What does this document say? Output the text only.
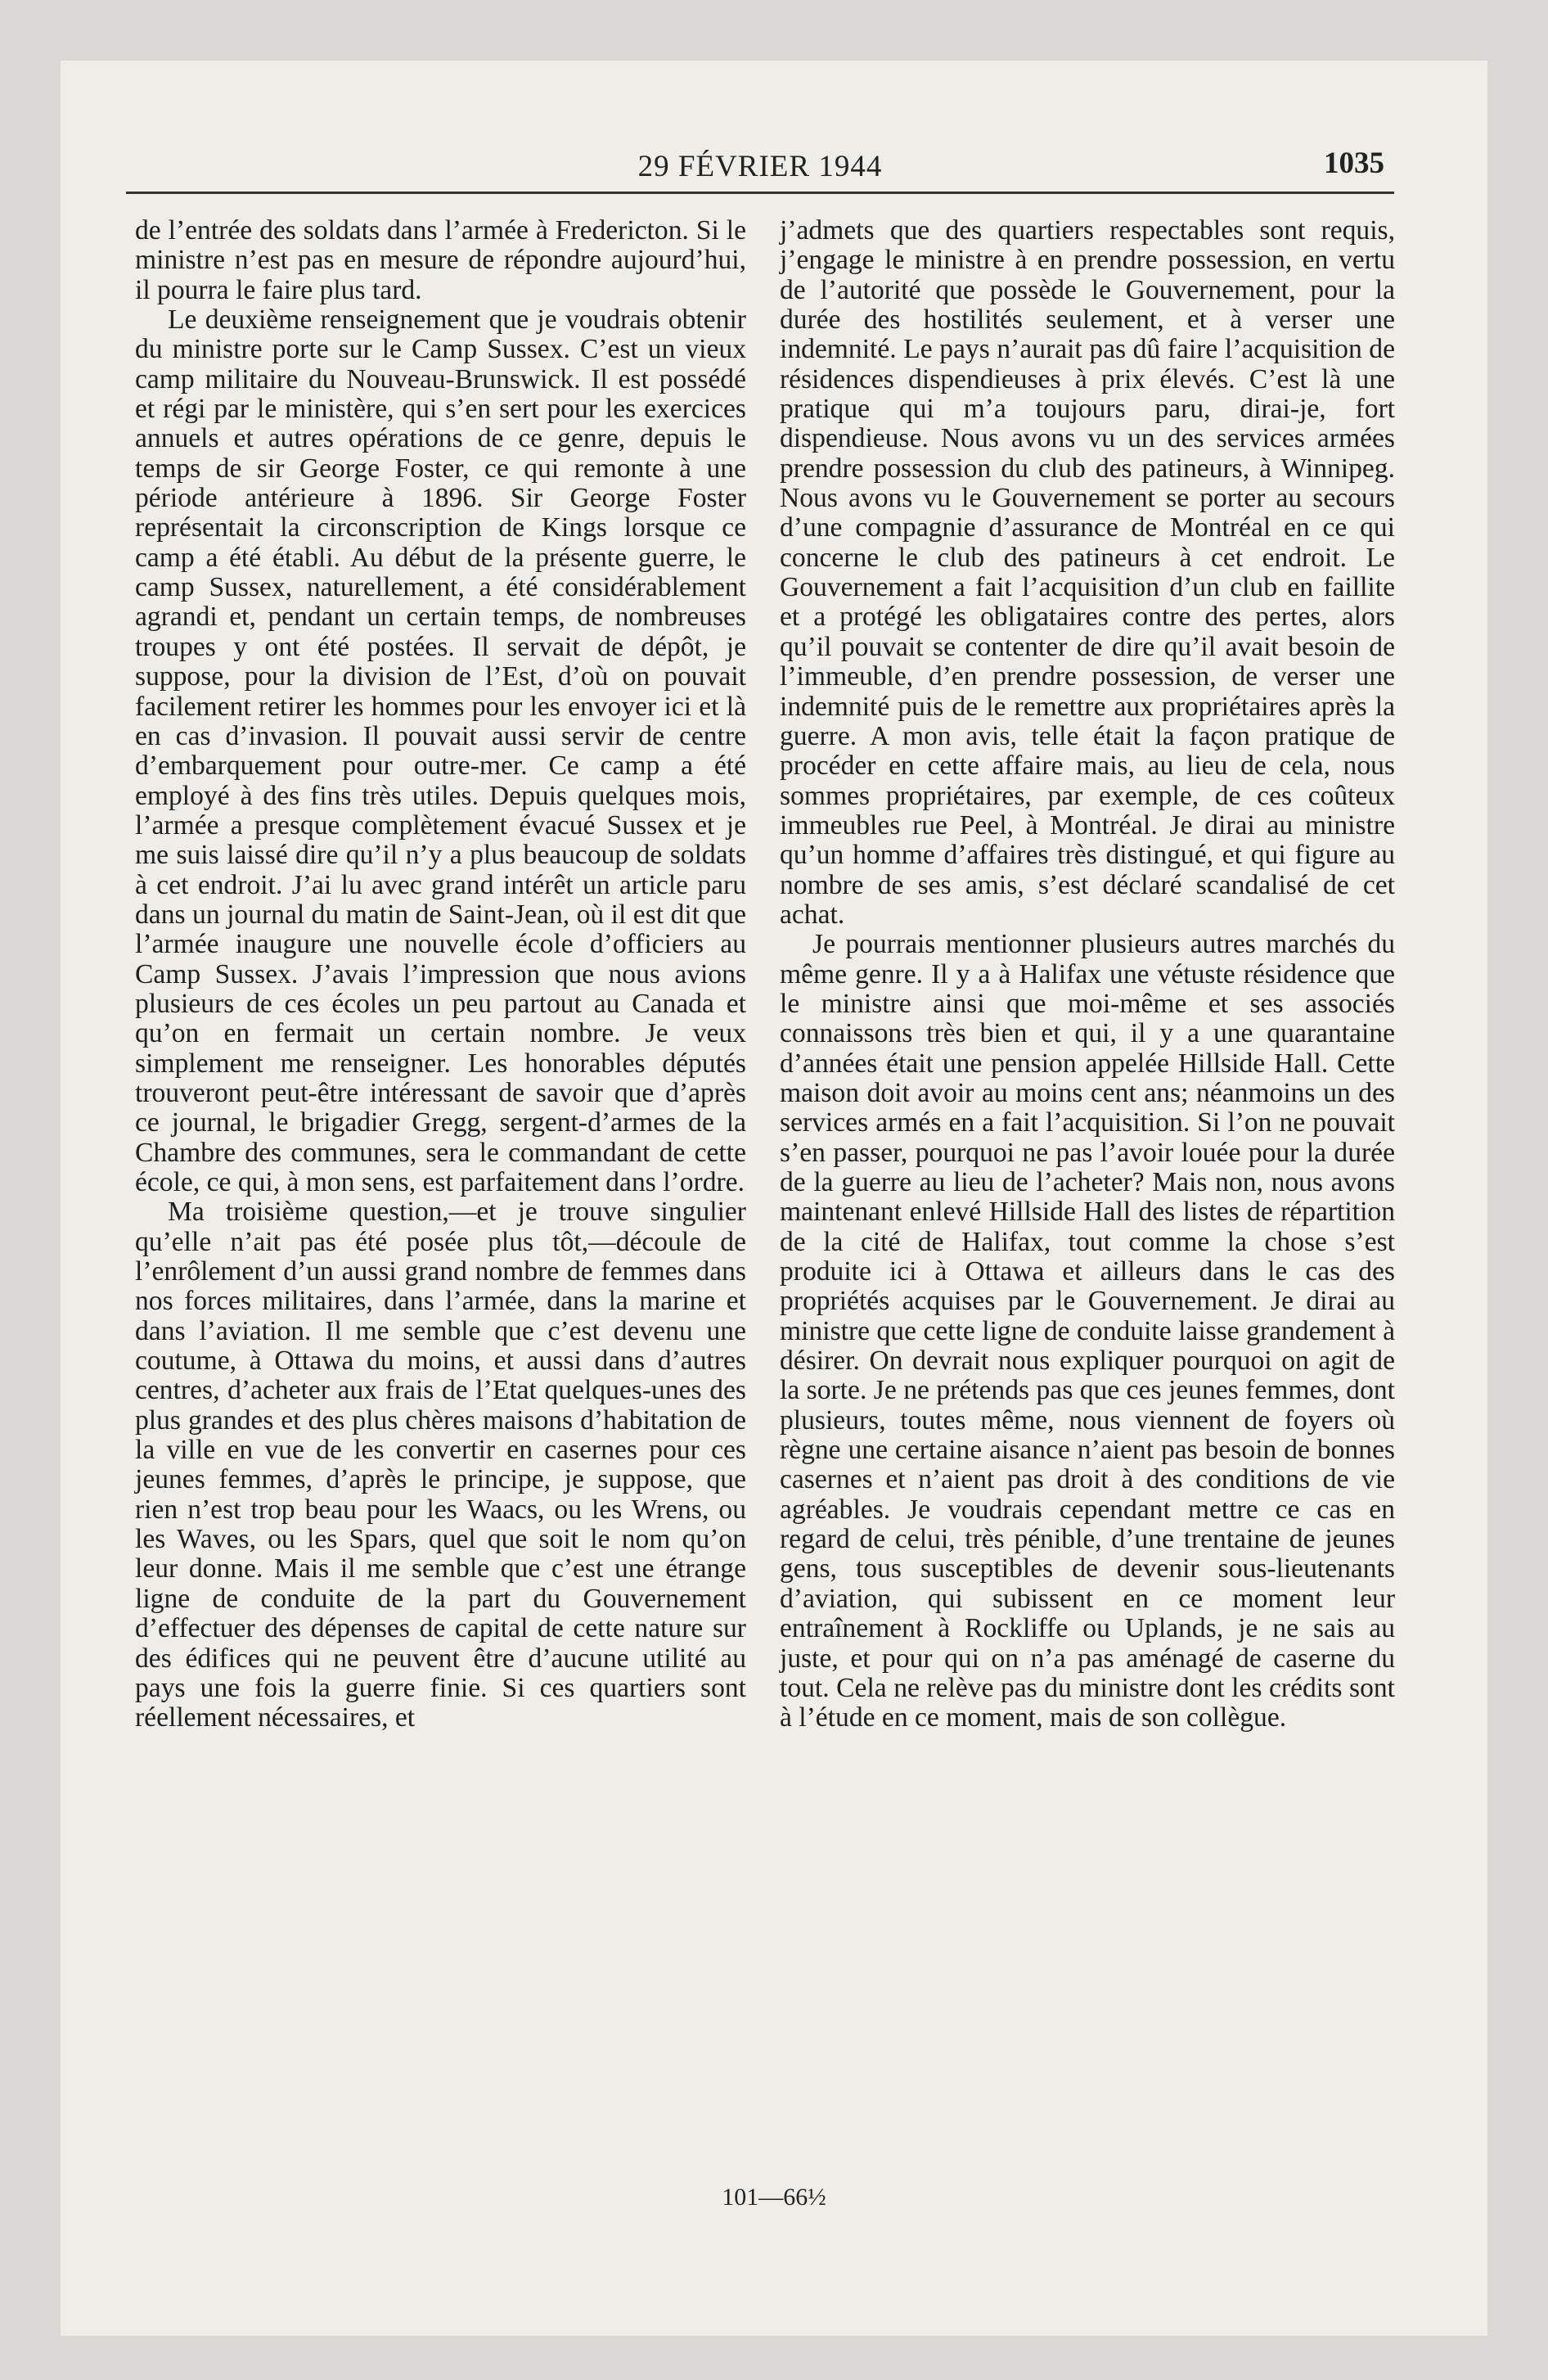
29 FÉVRIER 1944	1035

de l’entrée des soldats dans l’armée à Fredericton. Si le ministre n’est pas en mesure de répondre aujourd’hui, il pourra le faire plus tard.

Le deuxième renseignement que je voudrais obtenir du ministre porte sur le Camp Sussex. C’est un vieux camp militaire du Nouveau-Brunswick. Il est possédé et régi par le ministère, qui s’en sert pour les exercices annuels et autres opérations de ce genre, depuis le temps de sir George Foster, ce qui remonte à une période antérieure à 1896. Sir George Foster représentait la circonscription de Kings lorsque ce camp a été établi. Au début de la présente guerre, le camp Sussex, naturellement, a été considérablement agrandi et, pendant un certain temps, de nombreuses troupes y ont été postées. Il servait de dépôt, je suppose, pour la division de l’Est, d’où on pouvait facilement retirer les hommes pour les envoyer ici et là en cas d’invasion. Il pouvait aussi servir de centre d’embarquement pour outre-mer. Ce camp a été employé à des fins très utiles. Depuis quelques mois, l’armée a presque complètement évacué Sussex et je me suis laissé dire qu’il n’y a plus beaucoup de soldats à cet endroit. J’ai lu avec grand intérêt un article paru dans un journal du matin de Saint-Jean, où il est dit que l’armée inaugure une nouvelle école d’officiers au Camp Sussex. J’avais l’impression que nous avions plusieurs de ces écoles un peu partout au Canada et qu’on en fermait un certain nombre. Je veux simplement me renseigner. Les honorables députés trouveront peut-être intéressant de savoir que d’après ce journal, le brigadier Gregg, sergent-d’armes de la Chambre des communes, sera le commandant de cette école, ce qui, à mon sens, est parfaitement dans l’ordre.

Ma troisième question,—et je trouve singulier qu’elle n’ait pas été posée plus tôt,—découle de l’enrôlement d’un aussi grand nombre de femmes dans nos forces militaires, dans l’armée, dans la marine et dans l’aviation. Il me semble que c’est devenu une coutume, à Ottawa du moins, et aussi dans d’autres centres, d’acheter aux frais de l’Etat quelques-unes des plus grandes et des plus chères maisons d’habitation de la ville en vue de les convertir en casernes pour ces jeunes femmes, d’après le principe, je suppose, que rien n’est trop beau pour les Waacs, ou les Wrens, ou les Waves, ou les Spars, quel que soit le nom qu’on leur donne. Mais il me semble que c’est une étrange ligne de conduite de la part du Gouvernement d’effectuer des dépenses de capital de cette nature sur des édifices qui ne peuvent être d’aucune utilité au pays une fois la guerre finie. Si ces quartiers sont réellement nécessaires, et

j’admets que des quartiers respectables sont requis, j’engage le ministre à en prendre possession, en vertu de l’autorité que possède le Gouvernement, pour la durée des hostilités seulement, et à verser une indemnité. Le pays n’aurait pas dû faire l’acquisition de résidences dispendieuses à prix élevés. C’est là une pratique qui m’a toujours paru, dirai-je, fort dispendieuse. Nous avons vu un des services armées prendre possession du club des patineurs, à Winnipeg. Nous avons vu le Gouvernement se porter au secours d’une compagnie d’assurance de Montréal en ce qui concerne le club des patineurs à cet endroit. Le Gouvernement a fait l’acquisition d’un club en faillite et a protégé les obligataires contre des pertes, alors qu’il pouvait se contenter de dire qu’il avait besoin de l’immeuble, d’en prendre possession, de verser une indemnité puis de le remettre aux propriétaires après la guerre. A mon avis, telle était la façon pratique de procéder en cette affaire mais, au lieu de cela, nous sommes propriétaires, par exemple, de ces coûteux immeubles rue Peel, à Montréal. Je dirai au ministre qu’un homme d’affaires très distingué, et qui figure au nombre de ses amis, s’est déclaré scandalisé de cet achat.

Je pourrais mentionner plusieurs autres marchés du même genre. Il y a à Halifax une vétuste résidence que le ministre ainsi que moi-même et ses associés connaissons très bien et qui, il y a une quarantaine d’années était une pension appelée Hillside Hall. Cette maison doit avoir au moins cent ans; néanmoins un des services armés en a fait l’acquisition. Si l’on ne pouvait s’en passer, pourquoi ne pas l’avoir louée pour la durée de la guerre au lieu de l’acheter? Mais non, nous avons maintenant enlevé Hillside Hall des listes de répartition de la cité de Halifax, tout comme la chose s’est produite ici à Ottawa et ailleurs dans le cas des propriétés acquises par le Gouvernement. Je dirai au ministre que cette ligne de conduite laisse grandement à désirer. On devrait nous expliquer pourquoi on agit de la sorte. Je ne prétends pas que ces jeunes femmes, dont plusieurs, toutes même, nous viennent de foyers où règne une certaine aisance n’aient pas besoin de bonnes casernes et n’aient pas droit à des conditions de vie agréables. Je voudrais cependant mettre ce cas en regard de celui, très pénible, d’une trentaine de jeunes gens, tous susceptibles de devenir sous-lieutenants d’aviation, qui subissent en ce moment leur entraînement à Rockliffe ou Uplands, je ne sais au juste, et pour qui on n’a pas aménagé de caserne du tout. Cela ne relève pas du ministre dont les crédits sont à l’étude en ce moment, mais de son collègue.

101—66½
